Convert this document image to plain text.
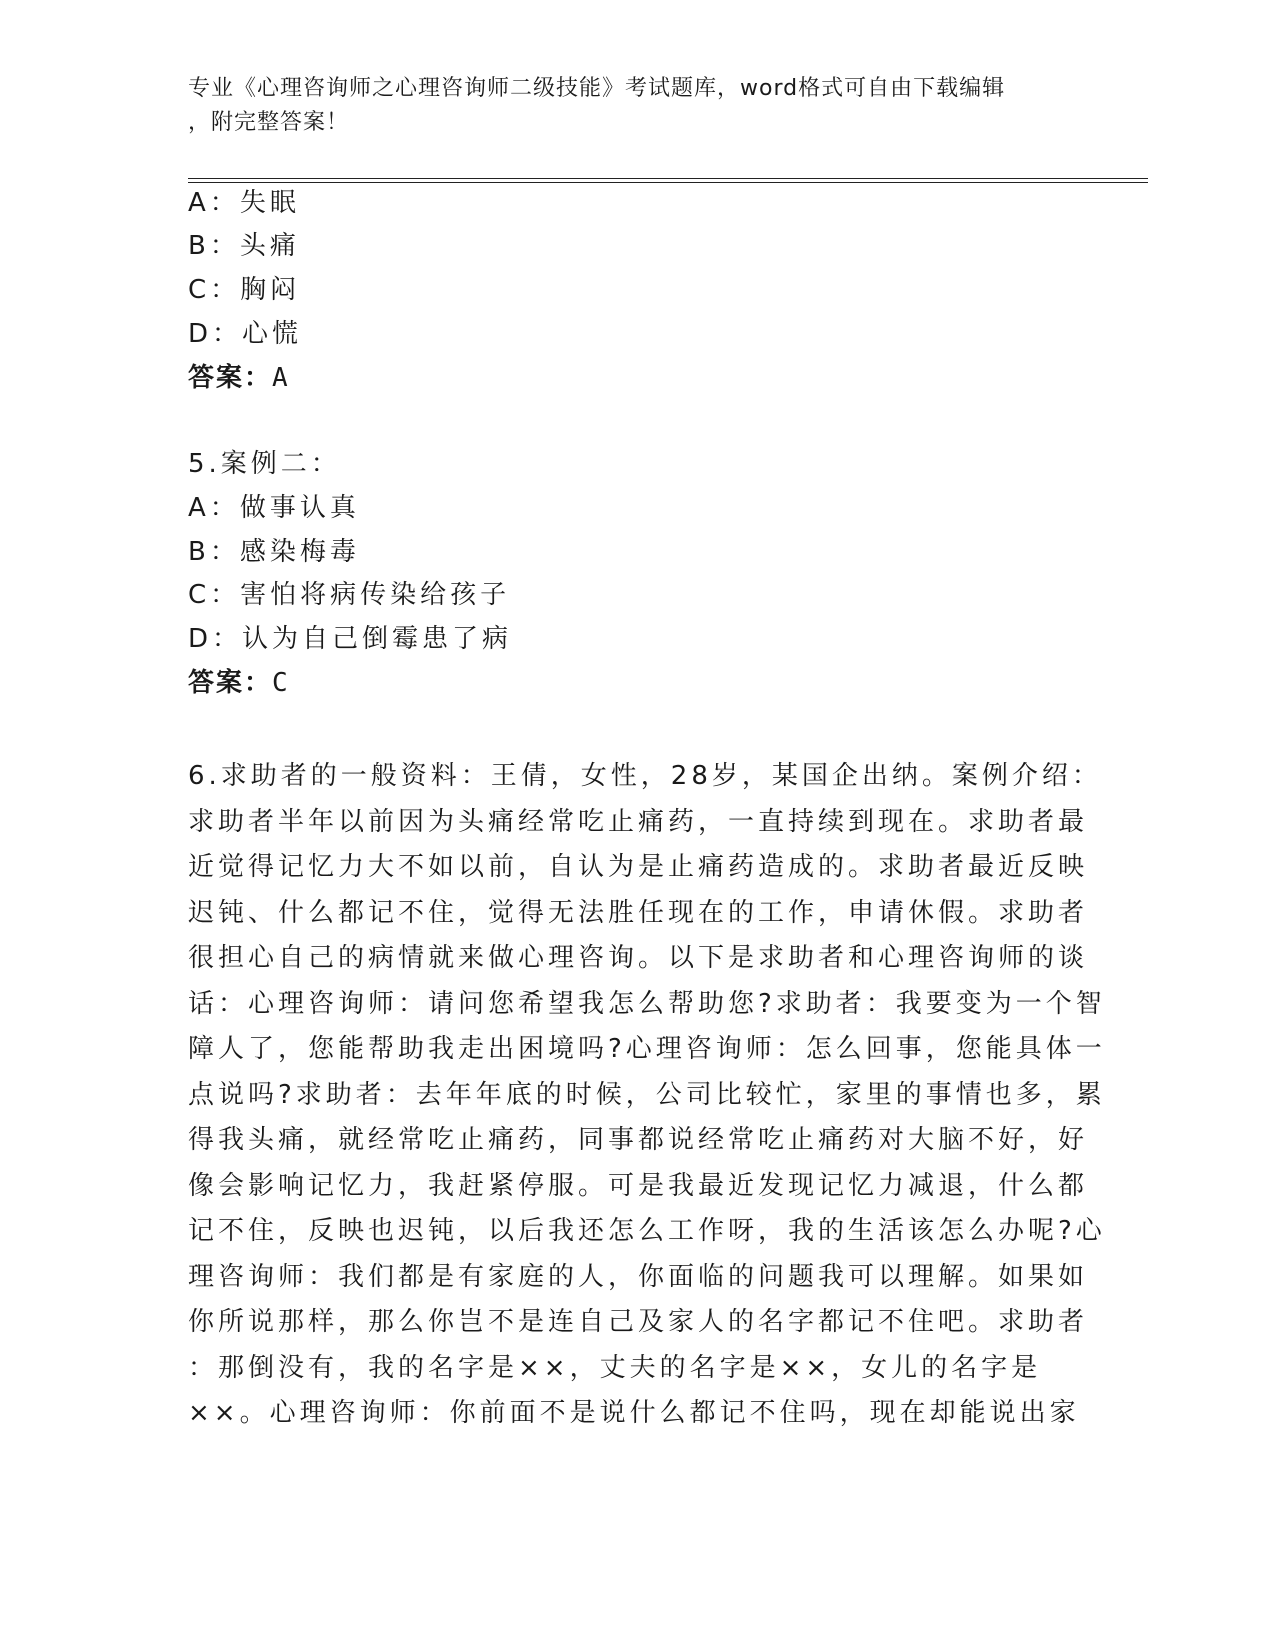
专业《心理咨询师之心理咨询师二级技能》考试题库，word格式可自由下载编辑

，附完整答案！

A：失眠

B：头痛

C：胸闷

D：心慌

答案：A

5.案例二：

A：做事认真

B：感染梅毒

C：害怕将病传染给孩子

D：认为自己倒霉患了病

答案：C

6.求助者的一般资料：王倩，女性，28岁，某国企出纳。案例介绍：
求助者半年以前因为头痛经常吃止痛药，一直持续到现在。求助者最
近觉得记忆力大不如以前，自认为是止痛药造成的。求助者最近反映
迟钝、什么都记不住，觉得无法胜任现在的工作，申请休假。求助者
很担心自己的病情就来做心理咨询。以下是求助者和心理咨询师的谈
话：心理咨询师：请问您希望我怎么帮助您?求助者：我要变为一个智
障人了，您能帮助我走出困境吗?心理咨询师：怎么回事，您能具体一
点说吗?求助者：去年年底的时候，公司比较忙，家里的事情也多，累
得我头痛，就经常吃止痛药，同事都说经常吃止痛药对大脑不好，好
像会影响记忆力，我赶紧停服。可是我最近发现记忆力减退，什么都
记不住，反映也迟钝，以后我还怎么工作呀，我的生活该怎么办呢?心
理咨询师：我们都是有家庭的人，你面临的问题我可以理解。如果如
你所说那样，那么你岂不是连自己及家人的名字都记不住吧。求助者
：那倒没有，我的名字是××，丈夫的名字是××，女儿的名字是
××。心理咨询师：你前面不是说什么都记不住吗，现在却能说出家
